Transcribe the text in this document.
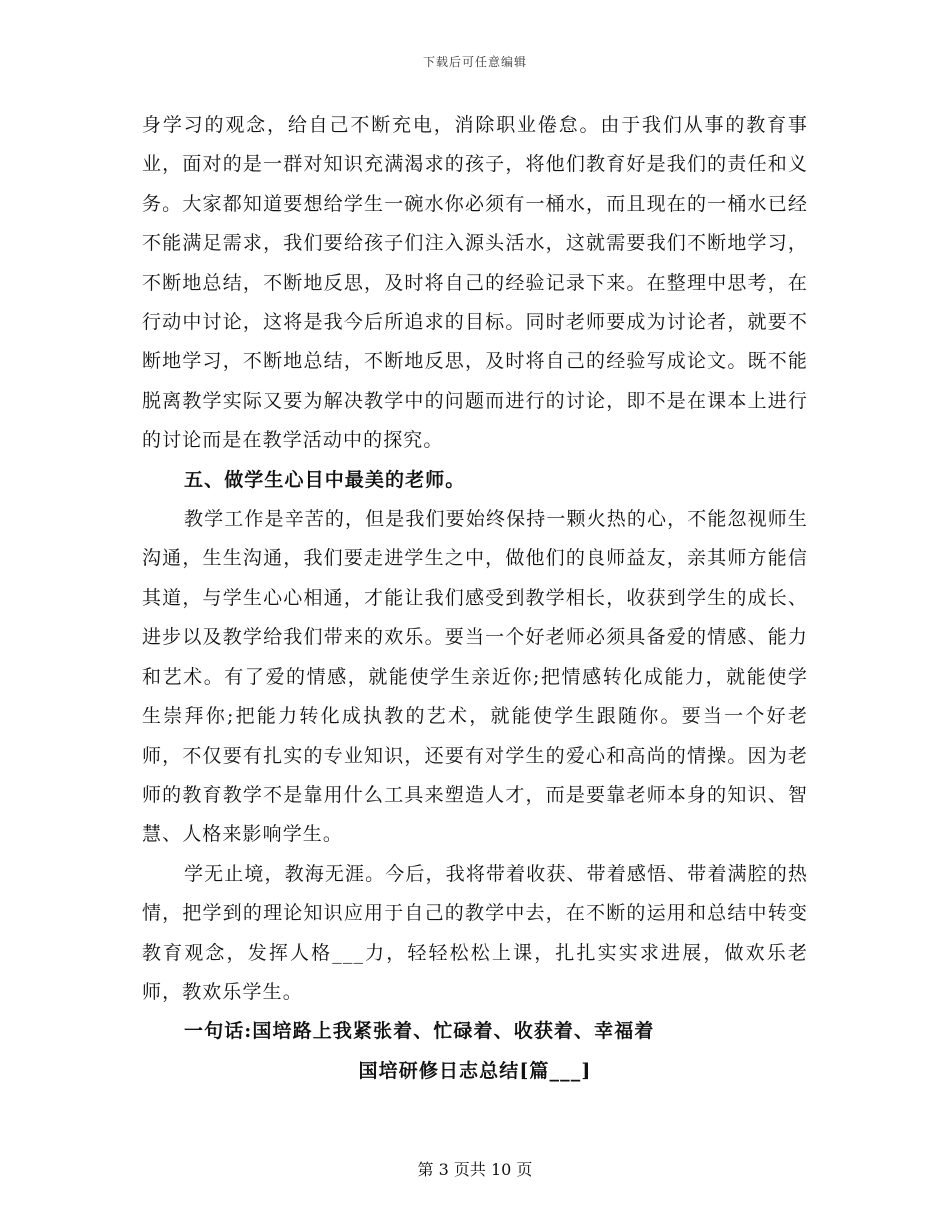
下载后可任意编辑

身学习的观念，给自己不断充电，消除职业倦怠。由于我们从事的教育事业，面对的是一群对知识充满渴求的孩子，将他们教育好是我们的责任和义务。大家都知道要想给学生一碗水你必须有一桶水，而且现在的一桶水已经不能满足需求，我们要给孩子们注入源头活水，这就需要我们不断地学习，不断地总结，不断地反思，及时将自己的经验记录下来。在整理中思考，在行动中讨论，这将是我今后所追求的目标。同时老师要成为讨论者，就要不断地学习，不断地总结，不断地反思，及时将自己的经验写成论文。既不能脱离教学实际又要为解决教学中的问题而进行的讨论，即不是在课本上进行的讨论而是在教学活动中的探究。

五、做学生心目中最美的老师。

教学工作是辛苦的，但是我们要始终保持一颗火热的心，不能忽视师生沟通，生生沟通，我们要走进学生之中，做他们的良师益友，亲其师方能信其道，与学生心心相通，才能让我们感受到教学相长，收获到学生的成长、进步以及教学给我们带来的欢乐。要当一个好老师必须具备爱的情感、能力和艺术。有了爱的情感，就能使学生亲近你;把情感转化成能力，就能使学生崇拜你;把能力转化成执教的艺术，就能使学生跟随你。要当一个好老师，不仅要有扎实的专业知识，还要有对学生的爱心和高尚的情操。因为老师的教育教学不是靠用什么工具来塑造人才，而是要靠老师本身的知识、智慧、人格来影响学生。

学无止境，教海无涯。今后，我将带着收获、带着感悟、带着满腔的热情，把学到的理论知识应用于自己的教学中去，在不断的运用和总结中转变教育观念，发挥人格___力，轻轻松松上课，扎扎实实求进展，做欢乐老师，教欢乐学生。

一句话:国培路上我紧张着、忙碌着、收获着、幸福着

国培研修日志总结[篇___]

第 3 页共 10 页
